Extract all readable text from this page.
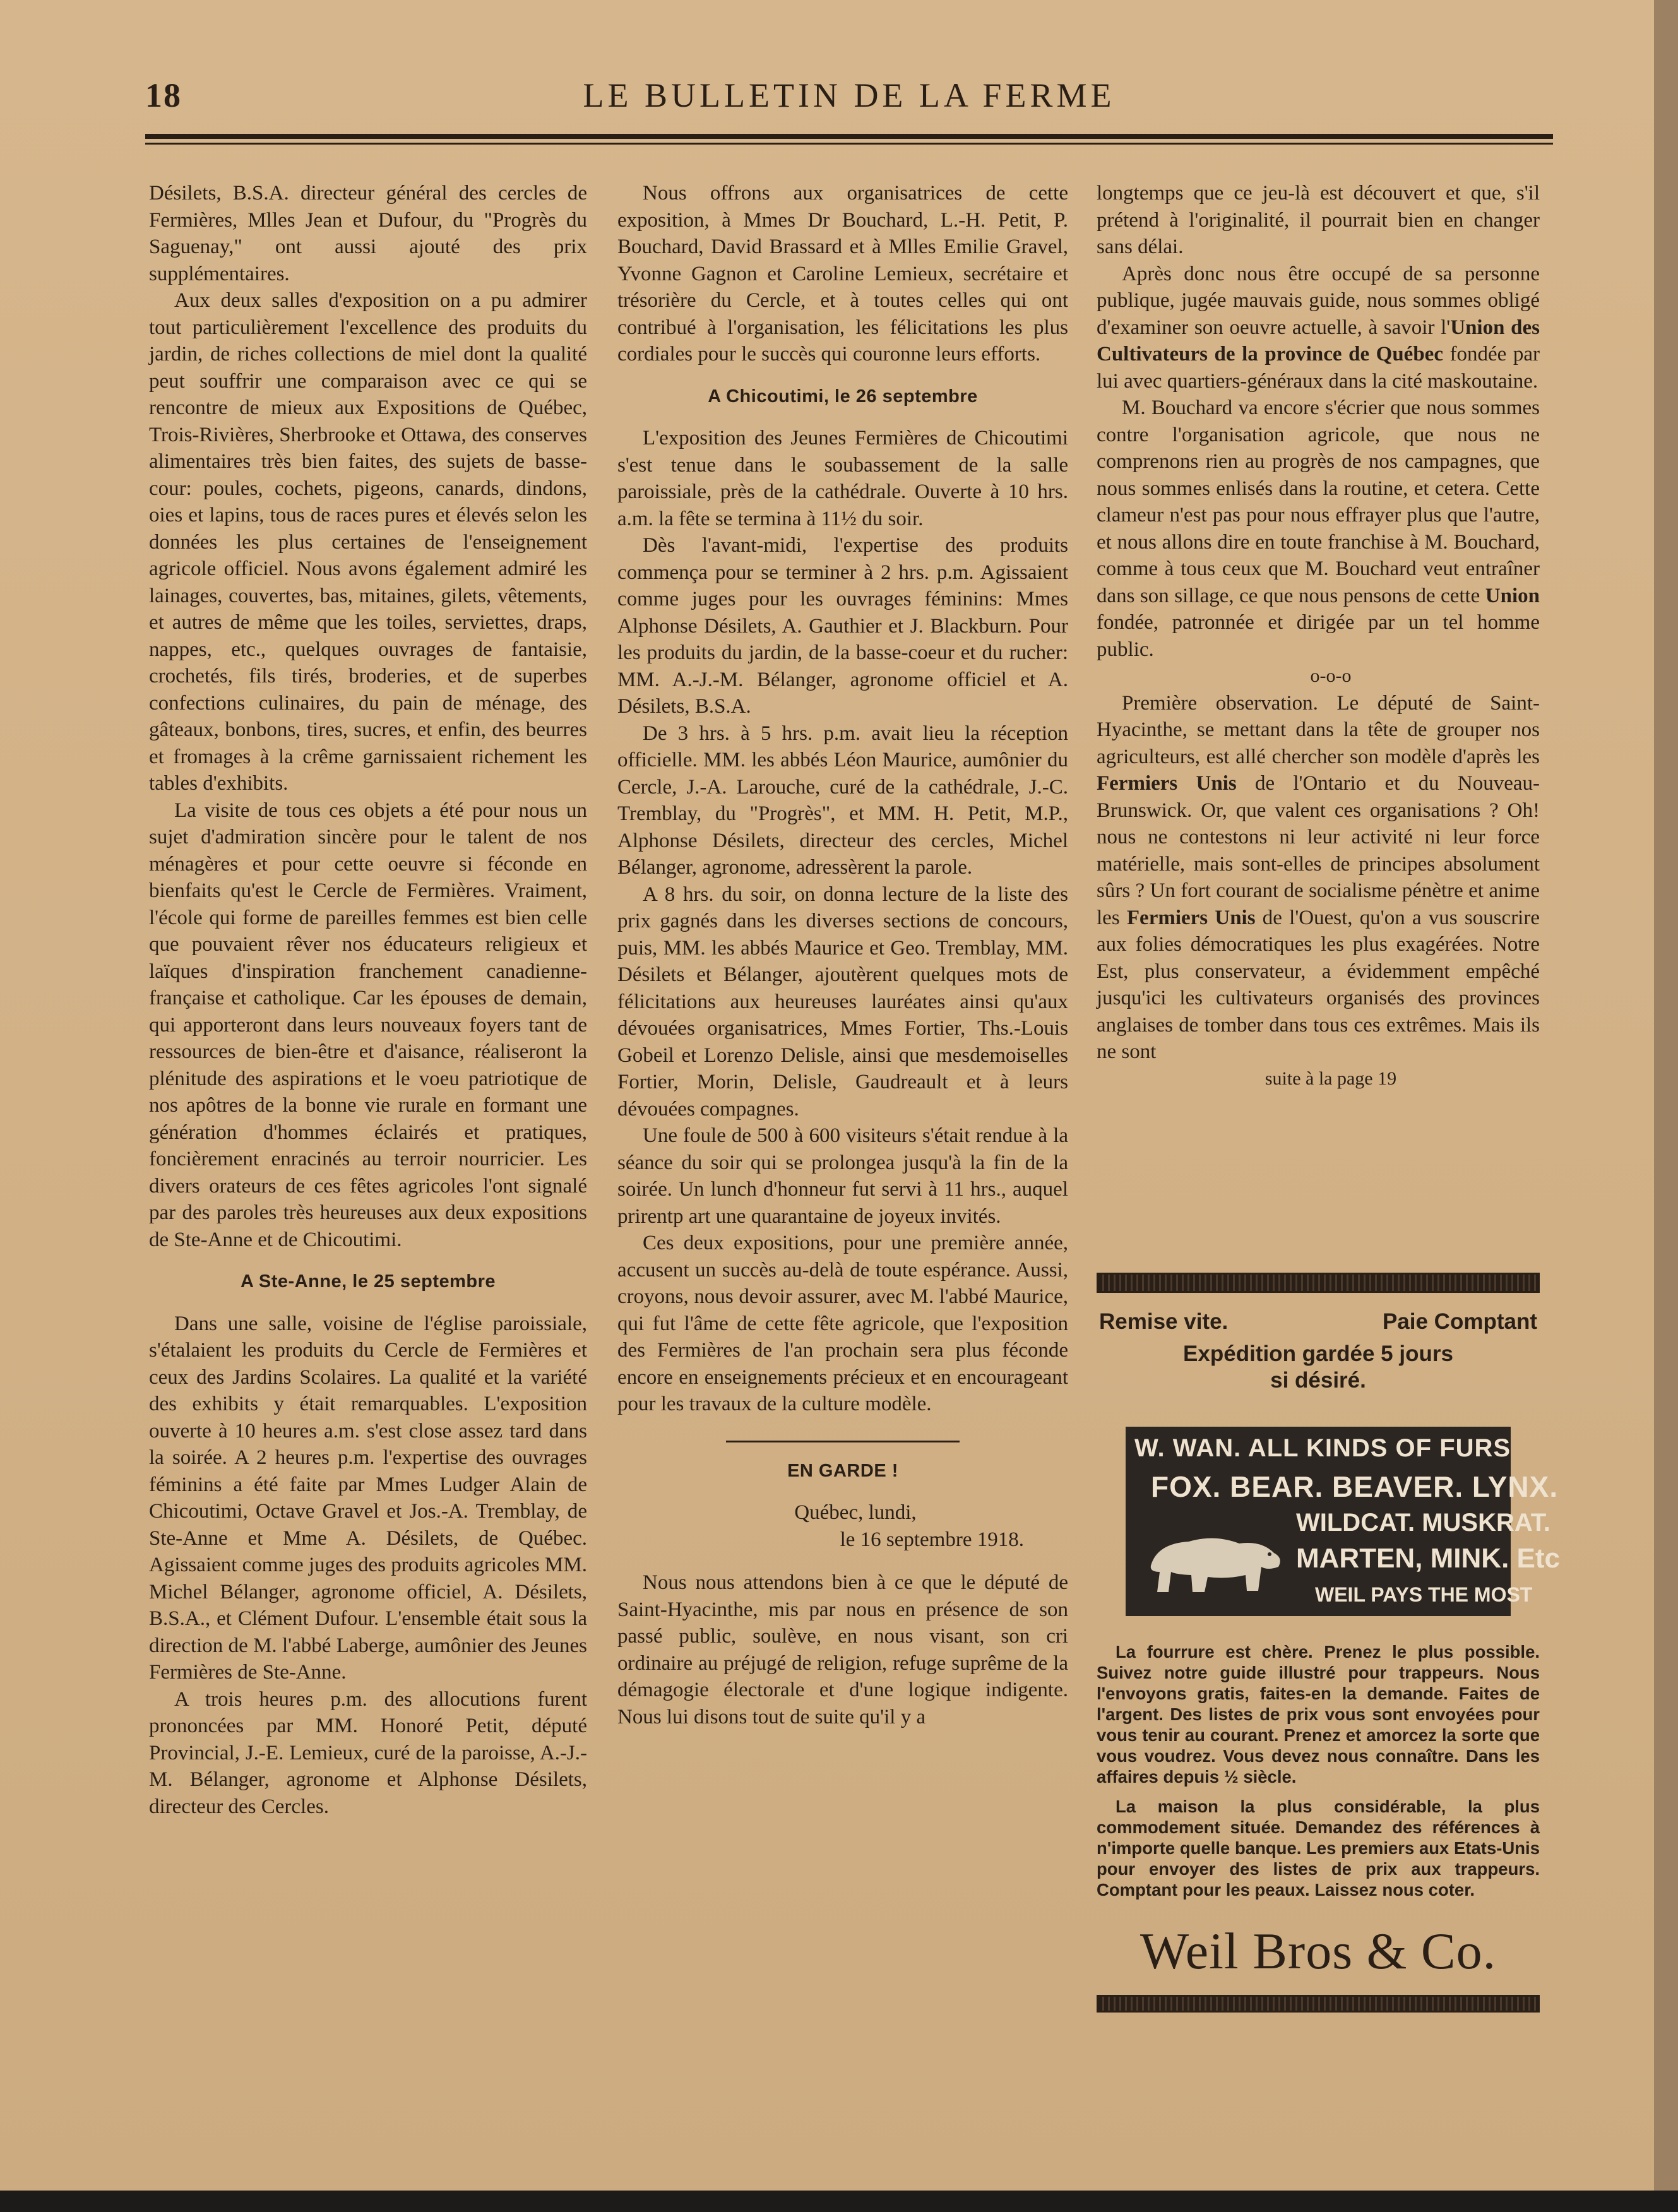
18	LE BULLETIN DE LA FERME

Désilets, B.S.A. directeur général des cercles de Fermières, Mlles Jean et Dufour, du "Progrès du Saguenay," ont aussi ajouté des prix supplémentaires.

Aux deux salles d'exposition on a pu admirer tout particulièrement l'excellence des produits du jardin, de riches collections de miel dont la qualité peut souffrir une comparaison avec ce qui se rencontre de mieux aux Expositions de Québec, Trois-Rivières, Sherbrooke et Ottawa, des conserves alimentaires très bien faites, des sujets de basse-cour: poules, cochets, pigeons, canards, dindons, oies et lapins, tous de races pures et élevés selon les données les plus certaines de l'enseignement agricole officiel. Nous avons également admiré les lainages, couvertes, bas, mitaines, gilets, vêtements, et autres de même que les toiles, serviettes, draps, nappes, etc., quelques ouvrages de fantaisie, crochetés, fils tirés, broderies, et de superbes confections culinaires, du pain de ménage, des gâteaux, bonbons, tires, sucres, et enfin, des beurres et fromages à la crême garnissaient richement les tables d'exhibits.

La visite de tous ces objets a été pour nous un sujet d'admiration sincère pour le talent de nos ménagères et pour cette oeuvre si féconde en bienfaits qu'est le Cercle de Fermières. Vraiment, l'école qui forme de pareilles femmes est bien celle que pouvaient rêver nos éducateurs religieux et laïques d'inspiration franchement canadienne-française et catholique. Car les épouses de demain, qui apporteront dans leurs nouveaux foyers tant de ressources de bien-être et d'aisance, réaliseront la plénitude des aspirations et le voeu patriotique de nos apôtres de la bonne vie rurale en formant une génération d'hommes éclairés et pratiques, foncièrement enracinés au terroir nourricier. Les divers orateurs de ces fêtes agricoles l'ont signalé par des paroles très heureuses aux deux expositions de Ste-Anne et de Chicoutimi.

A Ste-Anne, le 25 septembre

Dans une salle, voisine de l'église paroissiale, s'étalaient les produits du Cercle de Fermières et ceux des Jardins Scolaires. La qualité et la variété des exhibits y était remarquables. L'exposition ouverte à 10 heures a.m. s'est close assez tard dans la soirée. A 2 heures p.m. l'expertise des ouvrages féminins a été faite par Mmes Ludger Alain de Chicoutimi, Octave Gravel et Jos.-A. Tremblay, de Ste-Anne et Mme A. Désilets, de Québec. Agissaient comme juges des produits agricoles MM. Michel Bélanger, agronome officiel, A. Désilets, B.S.A., et Clément Dufour. L'ensemble était sous la direction de M. l'abbé Laberge, aumônier des Jeunes Fermières de Ste-Anne.

A trois heures p.m. des allocutions furent prononcées par MM. Honoré Petit, député Provincial, J.-E. Lemieux, curé de la paroisse, A.-J.-M. Bélanger, agronome et Alphonse Désilets, directeur des Cercles.

Nous offrons aux organisatrices de cette exposition, à Mmes Dr Bouchard, L.-H. Petit, P. Bouchard, David Brassard et à Mlles Emilie Gravel, Yvonne Gagnon et Caroline Lemieux, secrétaire et trésorière du Cercle, et à toutes celles qui ont contribué à l'organisation, les félicitations les plus cordiales pour le succès qui couronne leurs efforts.

A Chicoutimi, le 26 septembre

L'exposition des Jeunes Fermières de Chicoutimi s'est tenue dans le soubassement de la salle paroissiale, près de la cathédrale. Ouverte à 10 hrs. a.m. la fête se termina à 11½ du soir.

Dès l'avant-midi, l'expertise des produits commença pour se terminer à 2 hrs. p.m. Agissaient comme juges pour les ouvrages féminins: Mmes Alphonse Désilets, A. Gauthier et J. Blackburn. Pour les produits du jardin, de la basse-coeur et du rucher: MM. A.-J.-M. Bélanger, agronome officiel et A. Désilets, B.S.A.

De 3 hrs. à 5 hrs. p.m. avait lieu la réception officielle. MM. les abbés Léon Maurice, aumônier du Cercle, J.-A. Larouche, curé de la cathédrale, J.-C. Tremblay, du "Progrès", et MM. H. Petit, M.P., Alphonse Désilets, directeur des cercles, Michel Bélanger, agronome, adressèrent la parole.

A 8 hrs. du soir, on donna lecture de la liste des prix gagnés dans les diverses sections de concours, puis, MM. les abbés Maurice et Geo. Tremblay, MM. Désilets et Bélanger, ajoutèrent quelques mots de félicitations aux heureuses lauréates ainsi qu'aux dévouées organisatrices, Mmes Fortier, Ths.-Louis Gobeil et Lorenzo Delisle, ainsi que mesdemoiselles Fortier, Morin, Delisle, Gaudreault et à leurs dévouées compagnes.

Une foule de 500 à 600 visiteurs s'était rendue à la séance du soir qui se prolongea jusqu'à la fin de la soirée. Un lunch d'honneur fut servi à 11 hrs., auquel prirentp art une quarantaine de joyeux invités.

Ces deux expositions, pour une première année, accusent un succès au-delà de toute espérance. Aussi, croyons, nous devoir assurer, avec M. l'abbé Maurice, qui fut l'âme de cette fête agricole, que l'exposition des Fermières de l'an prochain sera plus féconde encore en enseignements précieux et en encourageant pour les travaux de la culture modèle.

EN GARDE !

Québec, lundi,

le 16 septembre 1918.

Nous nous attendons bien à ce que le député de Saint-Hyacinthe, mis par nous en présence de son passé public, soulève, en nous visant, son cri ordinaire au préjugé de religion, refuge suprême de la démagogie électorale et d'une logique indigente. Nous lui disons tout de suite qu'il y a

longtemps que ce jeu-là est découvert et que, s'il prétend à l'originalité, il pourrait bien en changer sans délai.

Après donc nous être occupé de sa personne publique, jugée mauvais guide, nous sommes obligé d'examiner son oeuvre actuelle, à savoir l'Union des Cultivateurs de la province de Québec fondée par lui avec quartiers-généraux dans la cité maskoutaine.

M. Bouchard va encore s'écrier que nous sommes contre l'organisation agricole, que nous ne comprenons rien au progrès de nos campagnes, que nous sommes enlisés dans la routine, et cetera. Cette clameur n'est pas pour nous effrayer plus que l'autre, et nous allons dire en toute franchise à M. Bouchard, comme à tous ceux que M. Bouchard veut entraîner dans son sillage, ce que nous pensons de cette Union fondée, patronnée et dirigée par un tel homme public.

o-o-o

Première observation. Le député de Saint-Hyacinthe, se mettant dans la tête de grouper nos agriculteurs, est allé chercher son modèle d'après les Fermiers Unis de l'Ontario et du Nouveau-Brunswick. Or, que valent ces organisations ? Oh! nous ne contestons ni leur activité ni leur force matérielle, mais sont-elles de principes absolument sûrs ? Un fort courant de socialisme pénètre et anime les Fermiers Unis de l'Ouest, qu'on a vus souscrire aux folies démocratiques les plus exagérées. Notre Est, plus conservateur, a évidemment empêché jusqu'ici les cultivateurs organisés des provinces anglaises de tomber dans tous ces extrêmes. Mais ils ne sont

suite à la page 19

Remise vite.	Paie Comptant
Expédition gardée 5 jours
si désiré.
W. WAN. ALL KINDS OF FURS
FOX. BEAR. BEAVER. LYNX.
WILDCAT. MUSKRAT.
MARTEN, MINK. Etc
WEIL PAYS THE MOST

La fourrure est chère. Prenez le plus possible. Suivez notre guide illustré pour trappeurs. Nous l'envoyons gratis, faites-en la demande. Faites de l'argent. Des listes de prix vous sont envoyées pour vous tenir au courant. Prenez et amorcez la sorte que vous voudrez. Vous devez nous connaître. Dans les affaires depuis ½ siècle.

La maison la plus considérable, la plus commodement située. Demandez des références à n'importe quelle banque. Les premiers aux Etats-Unis pour envoyer des listes de prix aux trappeurs. Comptant pour les peaux. Laissez nous coter.

Weil Bros & Co.
